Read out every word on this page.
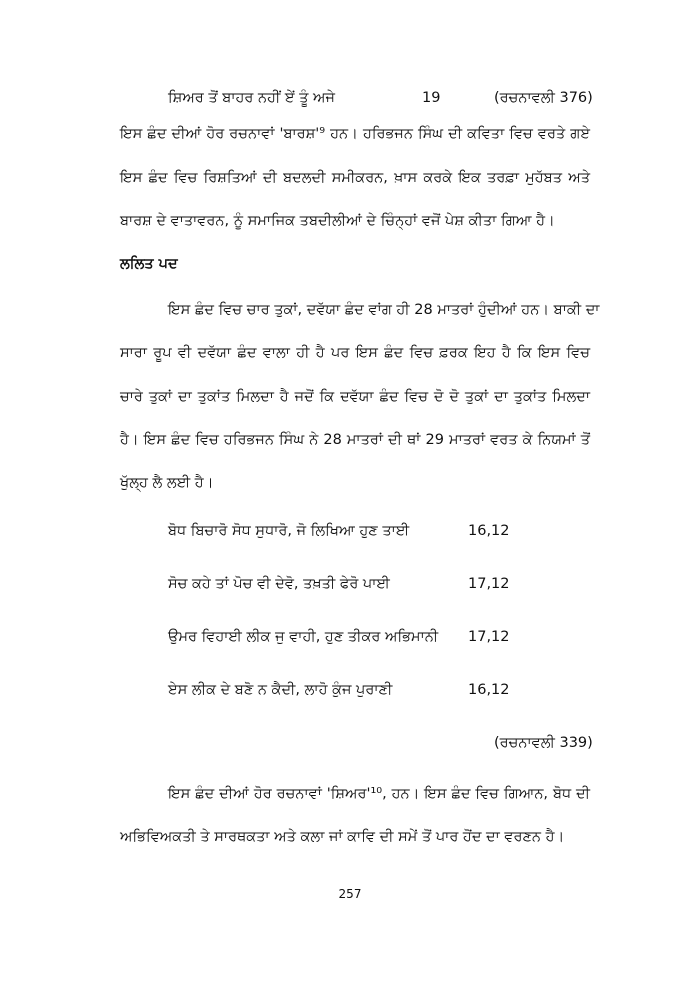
ਸ਼ਿਅਰ ਤੋਂ ਬਾਹਰ ਨਹੀਂ ਏਂ ਤੂੰ ਅਜੇ	19	(ਰਚਨਾਵਲੀ 376)
ਇਸ ਛੰਦ ਦੀਆਂ ਹੋਰ ਰਚਨਾਵਾਂ 'ਬਾਰਸ਼'⁹ ਹਨ। ਹਰਿਭਜਨ ਸਿੰਘ ਦੀ ਕਵਿਤਾ ਵਿਚ ਵਰਤੇ ਗਏ
ਇਸ ਛੰਦ ਵਿਚ ਰਿਸ਼ਤਿਆਂ ਦੀ ਬਦਲਦੀ ਸਮੀਕਰਨ, ਖ਼ਾਸ ਕਰਕੇ ਇਕ ਤਰਫ਼ਾ ਮੁਹੱਬਤ ਅਤੇ
ਬਾਰਸ਼ ਦੇ ਵਾਤਾਵਰਨ, ਨੂੰ ਸਮਾਜਿਕ ਤਬਦੀਲੀਆਂ ਦੇ ਚਿੰਨ੍ਹਾਂ ਵਜੋਂ ਪੇਸ਼ ਕੀਤਾ ਗਿਆ ਹੈ।
ਲਲਿਤ ਪਦ
ਇਸ ਛੰਦ ਵਿਚ ਚਾਰ ਤੁਕਾਂ, ਦਵੱਯਾ ਛੰਦ ਵਾਂਗ ਹੀ 28 ਮਾਤਰਾਂ ਹੁੰਦੀਆਂ ਹਨ। ਬਾਕੀ ਦਾ
ਸਾਰਾ ਰੂਪ ਵੀ ਦਵੱਯਾ ਛੰਦ ਵਾਲਾ ਹੀ ਹੈ ਪਰ ਇਸ ਛੰਦ ਵਿਚ ਫ਼ਰਕ ਇਹ ਹੈ ਕਿ ਇਸ ਵਿਚ
ਚਾਰੇ ਤੁਕਾਂ ਦਾ ਤੁਕਾਂਤ ਮਿਲਦਾ ਹੈ ਜਦੋਂ ਕਿ ਦਵੱਯਾ ਛੰਦ ਵਿਚ ਦੋ ਦੋ ਤੁਕਾਂ ਦਾ ਤੁਕਾਂਤ ਮਿਲਦਾ
ਹੈ। ਇਸ ਛੰਦ ਵਿਚ ਹਰਿਭਜਨ ਸਿੰਘ ਨੇ 28 ਮਾਤਰਾਂ ਦੀ ਥਾਂ 29 ਮਾਤਰਾਂ ਵਰਤ ਕੇ ਨਿਯਮਾਂ ਤੋਂ
ਖੁੱਲ੍ਹ ਲੈ ਲਈ ਹੈ।
ਬੋਧ ਬਿਚਾਰੋ ਸੋਧ ਸੁਧਾਰੋ, ਜੋ ਲਿਖਿਆ ਹੁਣ ਤਾਈ	16,12
ਸੋਚ ਕਹੇ ਤਾਂ ਪੋਚ ਵੀ ਦੇਵੋ, ਤਖ਼ਤੀ ਫੇਰੋ ਪਾਈ	17,12
ਉਮਰ ਵਿਹਾਈ ਲੀਕ ਜੁ ਵਾਹੀ, ਹੁਣ ਤੀਕਰ ਅਭਿਮਾਨੀ 17,12
ਏਸ ਲੀਕ ਦੇ ਬਣੋ ਨ ਕੈਦੀ, ਲਾਹੋ ਕੁੰਜ ਪੁਰਾਣੀ	16,12
(ਰਚਨਾਵਲੀ 339)
ਇਸ ਛੰਦ ਦੀਆਂ ਹੋਰ ਰਚਨਾਵਾਂ 'ਸ਼ਿਅਰ'¹⁰, ਹਨ। ਇਸ ਛੰਦ ਵਿਚ ਗਿਆਨ, ਬੋਧ ਦੀ
ਅਭਿਵਿਅਕਤੀ ਤੇ ਸਾਰਥਕਤਾ ਅਤੇ ਕਲਾ ਜਾਂ ਕਾਵਿ ਦੀ ਸਮੇਂ ਤੋਂ ਪਾਰ ਹੋਂਦ ਦਾ ਵਰਣਨ ਹੈ।
257
